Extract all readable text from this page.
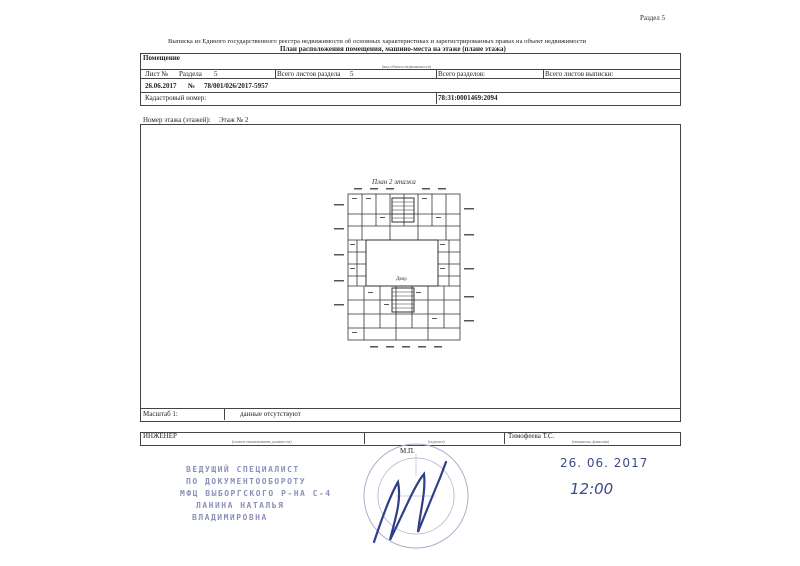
Раздел 5
Выписка из Единого государственного реестра недвижимости об основных характеристиках и зарегистрированных правах на объект недвижимости
План расположения помещения, машино-места на этаже (плане этажа)
Помещение
(вид объекта недвижимости)
Лист № Раздела 5	Всего листов раздела 5	Всего разделов:	Всего листов выписки:
26.06.2017 № 78/001/026/2017-5957
Кадастровый номер:	78:31:0001469:2094
Номер этажа (этажей): Этаж № 2
План 2 этажа
Двор
Масштаб 1:	данные отсутствуют
ИНЖЕНЕР
(полное наименование должности)	(подпись)
Тимофеева Т.С.
(инициалы, фамилия)
М.П.
ВЕДУЩИЙ СПЕЦИАЛИСТ
ПО ДОКУМЕНТООБОРОТУ
МФЦ ВЫБОРГСКОГО Р-НА С-4
ЛАНИНА НАТАЛЬЯ
ВЛАДИМИРОВНА
26. 06. 2017
12:00
